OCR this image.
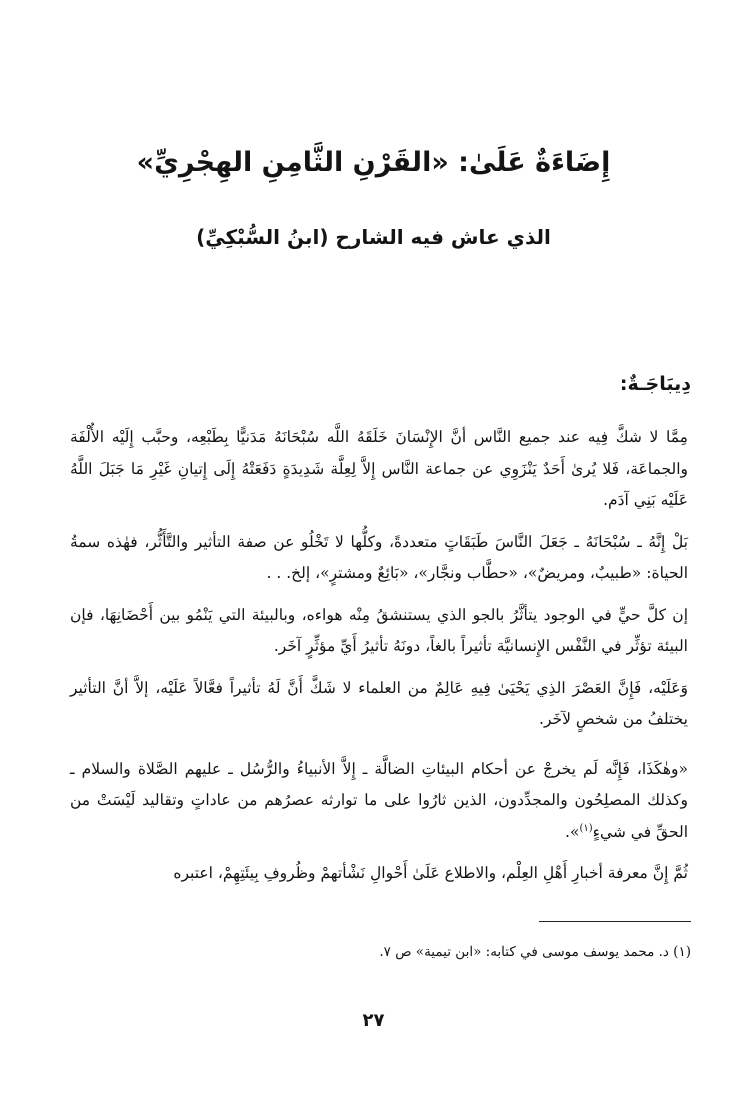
إِضَاءَةٌ عَلَىٰ: «القَرْنِ الثَّامِنِ الهِجْرِيِّ»
الذي عاش فيه الشارح (ابنُ السُّبْكِيِّ)
دِيبَاجَـةٌ:

مِمَّا لا شكَّ فِيه عند جميع النَّاس أنَّ الإِنْسَانَ خَلَقَهُ اللَّه سُبْحَانَهُ مَدَنيًّا بِطَبْعِه، وحبَّب إِلَيْه الأُلْفَة والجماعَة، فَلا يُرىٰ أَحَدٌ يَنْزَوِي عن جماعة النَّاس إِلاَّ لِعِلَّة شَدِيدَةٍ دَفَعَتْهُ إِلَى إِتيانِ غَيْرِ مَا جَبَلَ اللَّهُ عَلَيْه بَنِي آدَم.

بَلْ إِنَّهُ ـ سُبْحَانَهُ ـ جَعَلَ النَّاسَ طَبَقَاتٍ متعددةً، وكلُّها لا تَخْلُو عن صفة التأثير والتَّأَثُّر، فهٰذه سمةُ الحياة: «طبيبٌ، ومريضٌ»، «حطَّاب ونجَّار»، «بَائِعٌ ومشترٍ»، إلخ. . .

إن كلَّ حيٍّ في الوجود يتأثَّرُ بالجو الذي يستنشقُ مِنْه هواءه، وبالبيئة التي يَنْمُو بين أَحْضَانِهَا، فإن البيئة تؤثِّر في النَّفْس الإِنسانيَّة تأثيراً بالغاً، دونَهُ تأثيرُ أَيِّ مؤثِّرٍ آخَر.

وَعَلَيْه، فَإِنَّ العَصْرَ الذِي يَحْيَىٰ فِيهِ عَالِمٌ من العلماء لا شَكَّ أَنَّ لَهُ تأثيراً فعَّالاً عَلَيْه، إلاَّ أنَّ التأثير يختلفُ من شخصٍ لآخَر.

«وهٰكَذَا، فَإِنَّه لَم يخرجْ عن أحكام البيئاتِ الضالَّة ـ إِلاَّ الأنبياءُ والرُّسُل ـ عليهم الصَّلاة والسلام ـ وكذلك المصلِحُون والمجدِّدون، الذين ثارُوا على ما توارثه عصرُهم من عاداتٍ وتقاليد لَيْسَتْ من الحقِّ في شيءٍ$^{(١)}$».

ثُمَّ إِنَّ معرفة أخبارِ أَهْلِ العِلْم، والاطلاع عَلَىٰ أَحْوالِ نَشْأتهمْ وظُروفِ بِيئَتِهِمْ، اعتبره

(١) د. محمد يوسف موسى في كتابه: «ابن تيمية» ص ٧.

٢٧
